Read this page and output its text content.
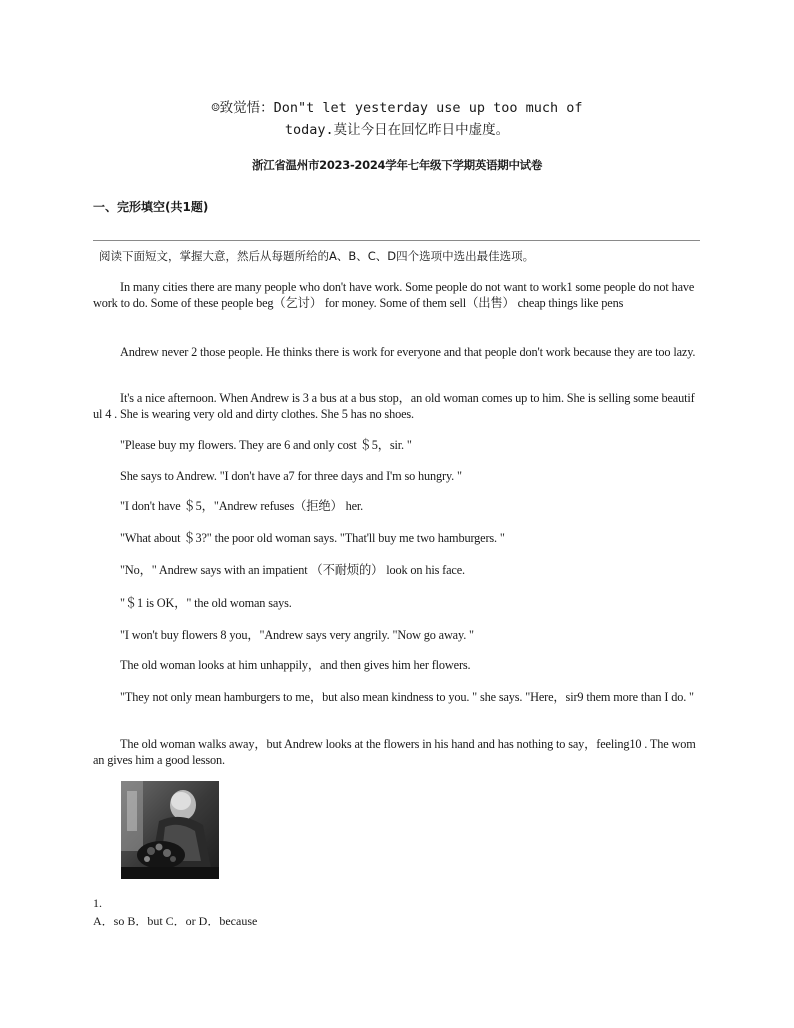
☺致觉悟：Don"t let yesterday use up too much of
today.莫让今日在回忆昨日中虚度。
浙江省温州市2023-2024学年七年级下学期英语期中试卷
一、完形填空(共1题)
阅读下面短文，掌握大意，然后从每题所给的A、B、C、D四个选项中选出最佳选项。
In many cities there are many people who don't have work. Some people do not want to work1 some people do not have work to do. Some of these people beg（乞讨） for money. Some of them sell（出售） cheap things like pens
Andrew never 2 those people. He thinks there is work for everyone and that people don't work because they are too lazy.
It's a nice afternoon. When Andrew is 3 a bus at a bus stop，an old woman comes up to him. She is selling some beautiful 4 . She is wearing very old and dirty clothes. She 5 has no shoes.
"Please buy my flowers. They are 6 and only cost ＄5，sir. "
She says to Andrew. "I don't have a7 for three days and I'm so hungry. "
"I don't have ＄5，"Andrew refuses（拒绝） her.
"What about ＄3?" the poor old woman says. "That'll buy me two hamburgers. "
"No，" Andrew says with an impatient （不耐烦的） look on his face.
"＄1 is OK，" the old woman says.
"I won't buy flowers 8 you，"Andrew says very angrily. "Now go away. "
The old woman looks at him unhappily，and then gives him her flowers.
"They not only mean hamburgers to me，but also mean kindness to you. " she says. "Here，sir9 them more than I do. "
The old woman walks away，but Andrew looks at the flowers in his hand and has nothing to say，feeling10 . The woman gives him a good lesson.
1.
A．so B．but C．or D．because
